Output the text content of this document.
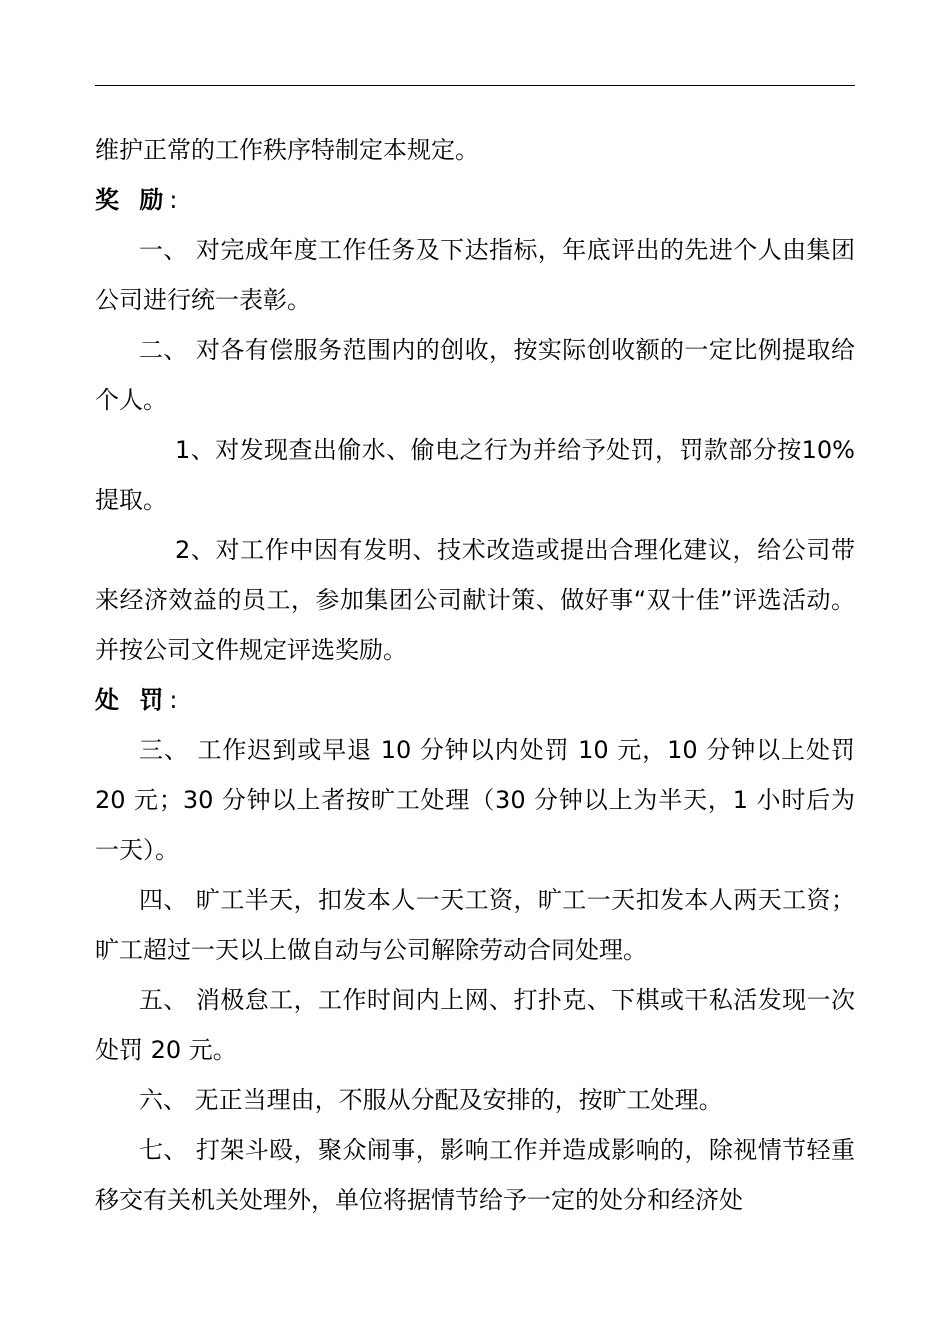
维护正常的工作秩序特制定本规定。

奖 励:

一、 对完成年度工作任务及下达指标，年底评出的先进个人由集团公司进行统一表彰。

二、 对各有偿服务范围内的创收，按实际创收额的一定比例提取给个人。

1、对发现查出偷水、偷电之行为并给予处罚，罚款部分按10%提取。

2、对工作中因有发明、技术改造或提出合理化建议，给公司带来经济效益的员工，参加集团公司献计策、做好事“双十佳”评选活动。并按公司文件规定评选奖励。

处 罚:

三、 工作迟到或早退 10 分钟以内处罚 10 元，10 分钟以上处罚20 元；30 分钟以上者按旷工处理（30 分钟以上为半天，1 小时后为一天）。

四、 旷工半天，扣发本人一天工资，旷工一天扣发本人两天工资；旷工超过一天以上做自动与公司解除劳动合同处理。

五、 消极怠工，工作时间内上网、打扑克、下棋或干私活发现一次处罚 20 元。

六、 无正当理由，不服从分配及安排的，按旷工处理。

七、 打架斗殴，聚众闹事，影响工作并造成影响的，除视情节轻重移交有关机关处理外，单位将据情节给予一定的处分和经济处
